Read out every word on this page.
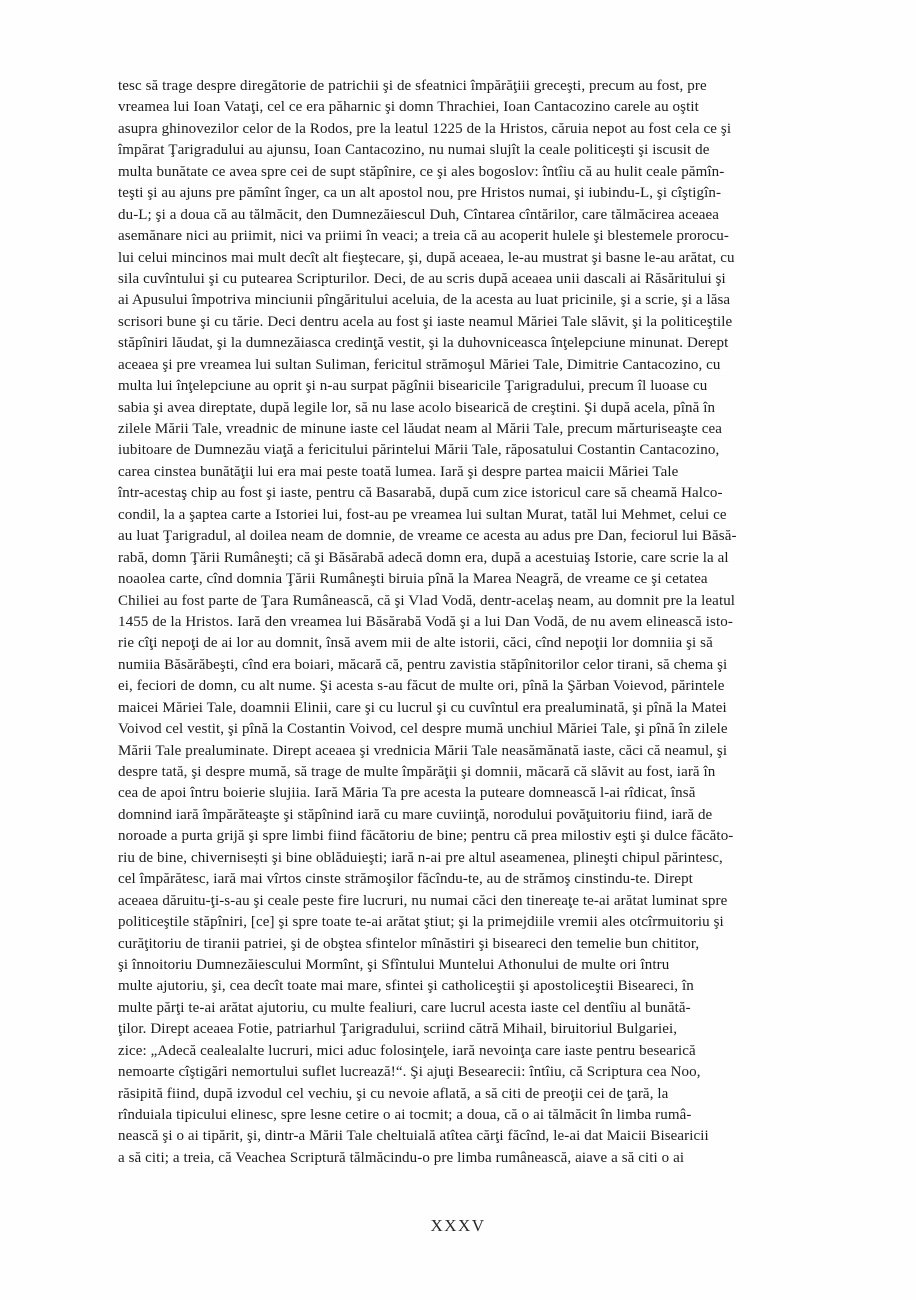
tesc să trage despre diregătorie de patrichii şi de sfeatnici împărăţiii greceşti, precum au fost, pre
vreamea lui Ioan Vataţi, cel ce era păharnic şi domn Thrachiei, Ioan Cantacozino carele au oştit
asupra ghinovezilor celor de la Rodos, pre la leatul 1225 de la Hristos, căruia nepot au fost cela ce şi
împărat Ţarigradului au ajunsu, Ioan Cantacozino, nu numai slujît la ceale politiceşti şi iscusit de
multa bunătate ce avea spre cei de supt stăpînire, ce şi ales bogoslov: întîiu că au hulit ceale pămîn-
teşti şi au ajuns pre pămînt înger, ca un alt apostol nou, pre Hristos numai, şi iubindu-L, şi cîştigîn-
du-L; şi a doua că au tălmăcit, den Dumnezăiescul Duh, Cîntarea cîntărilor, care tălmăcirea aceaea
asemănare nici au priimit, nici va priimi în veaci; a treia că au acoperit hulele şi blestemele prorocu-
lui celui mincinos mai mult decît alt fieştecare, şi, după aceaea, le-au mustrat şi basne le-au arătat, cu
sila cuvîntului şi cu putearea Scripturilor. Deci, de au scris după aceaea unii dascali ai Răsăritului şi
ai Apusului împotriva minciunii pîngăritului aceluia, de la acesta au luat pricinile, şi a scrie, şi a lăsa
scrisori bune şi cu tărie. Deci dentru acela au fost şi iaste neamul Măriei Tale slăvit, şi la politiceştile
stăpîniri lăudat, şi la dumnezăiasca credinţă vestit, şi la duhovniceasca înţelepciune minunat. Derept
aceaea şi pre vreamea lui sultan Suliman, fericitul strămoşul Măriei Tale, Dimitrie Cantacozino, cu
multa lui înţelepciune au oprit şi n-au surpat păgînii bisearicile Ţarigradului, precum îl luoase cu
sabia şi avea direptate, după legile lor, să nu lase acolo bisearică de creştini. Şi după acela, pînă în
zilele Mării Tale, vreadnic de minune iaste cel lăudat neam al Mării Tale, precum mărturiseaşte cea
iubitoare de Dumnezău viaţă a fericitului părintelui Mării Tale, răposatului Costantin Cantacozino,
carea cinstea bunătăţii lui era mai peste toată lumea. Iară şi despre partea maicii Măriei Tale
într-acestaş chip au fost şi iaste, pentru că Basarabă, după cum zice istoricul care să cheamă Halco-
condil, la a şaptea carte a Istoriei lui, fost-au pe vreamea lui sultan Murat, tatăl lui Mehmet, celui ce
au luat Ţarigradul, al doilea neam de domnie, de vreame ce acesta au adus pre Dan, feciorul lui Băsă-
rabă, domn Ţării Rumâneşti; că şi Băsărabă adecă domn era, după a acestuiaş Istorie, care scrie la al
noaolea carte, cînd domnia Ţării Rumâneşti biruia pînă la Marea Neagră, de vreame ce şi cetatea
Chiliei au fost parte de Ţara Rumânească, că şi Vlad Vodă, dentr-acelaş neam, au domnit pre la leatul
1455 de la Hristos. Iară den vreamea lui Băsărabă Vodă şi a lui Dan Vodă, de nu avem elinească isto-
rie cîţi nepoţi de ai lor au domnit, însă avem mii de alte istorii, căci, cînd nepoţii lor domniia şi să
numiia Băsărăbeşti, cînd era boiari, măcară că, pentru zavistia stăpînitorilor celor tirani, să chema şi
ei, feciori de domn, cu alt nume. Şi acesta s-au făcut de multe ori, pînă la Şărban Voievod, părintele
maicei Măriei Tale, doamnii Elinii, care şi cu lucrul şi cu cuvîntul era prealuminată, şi pînă la Matei
Voivod cel vestit, şi pînă la Costantin Voivod, cel despre mumă unchiul Măriei Tale, şi pînă în zilele
Mării Tale prealuminate. Dirept aceaea şi vrednicia Mării Tale neasămănată iaste, căci că neamul, şi
despre tată, şi despre mumă, să trage de multe împărăţii şi domnii, măcară că slăvit au fost, iară în
cea de apoi întru boierie slujiia. Iară Măria Ta pre acesta la puteare domnească l-ai rîdicat, însă
domnind iară împărăteaşte şi stăpînind iară cu mare cuviinţă, norodului povăţuitoriu fiind, iară de
noroade a purta grijă şi spre limbi fiind făcătoriu de bine; pentru că prea milostiv eşti şi dulce făcăto-
riu de bine, chivernisești şi bine oblăduieşti; iară n-ai pre altul aseamenea, plineşti chipul părintesc,
cel împărătesc, iară mai vîrtos cinste strămoşilor făcîndu-te, au de strămoş cinstindu-te. Dirept
aceaea dăruitu-ţi-s-au şi ceale peste fire lucruri, nu numai căci den tinereaţe te-ai arătat luminat spre
politiceştile stăpîniri, [ce] şi spre toate te-ai arătat ştiut; şi la primejdiile vremii ales otcîrmuitoriu şi
curăţitoriu de tiranii patriei, şi de obştea sfintelor mînăstiri şi biseareci den temelie bun chititor,
şi înnoitoriu Dumnezăiescului Mormînt, şi Sfîntului Muntelui Athonului de multe ori întru
multe ajutoriu, şi, cea decît toate mai mare, sfintei şi catholiceştii şi apostoliceştii Biseareci, în
multe părţi te-ai arătat ajutoriu, cu multe fealiuri, care lucrul acesta iaste cel dentîiu al bunătă-
ţilor. Dirept aceaea Fotie, patriarhul Ţarigradului, scriind cătră Mihail, biruitoriul Bulgariei,
zice: „Adecă cealealalte lucruri, mici aduc folosinţele, iară nevoinţa care iaste pentru besearică
nemoarte cîştigări nemortului suflet lucrează!“. Şi ajuţi Besearecii: întîiu, că Scriptura cea Noo,
răsipită fiind, după izvodul cel vechiu, şi cu nevoie aflată, a să citi de preoţii cei de ţară, la
rînduiala tipicului elinesc, spre lesne cetire o ai tocmit; a doua, că o ai tălmăcit în limba rumâ-
nească şi o ai tipărit, şi, dintr-a Mării Tale cheltuială atîtea cărţi făcînd, le-ai dat Maicii Bisearicii
a să citi; a treia, că Veachea Scriptură tălmăcindu-o pre limba rumânească, aiave a să citi o ai
XXXV
